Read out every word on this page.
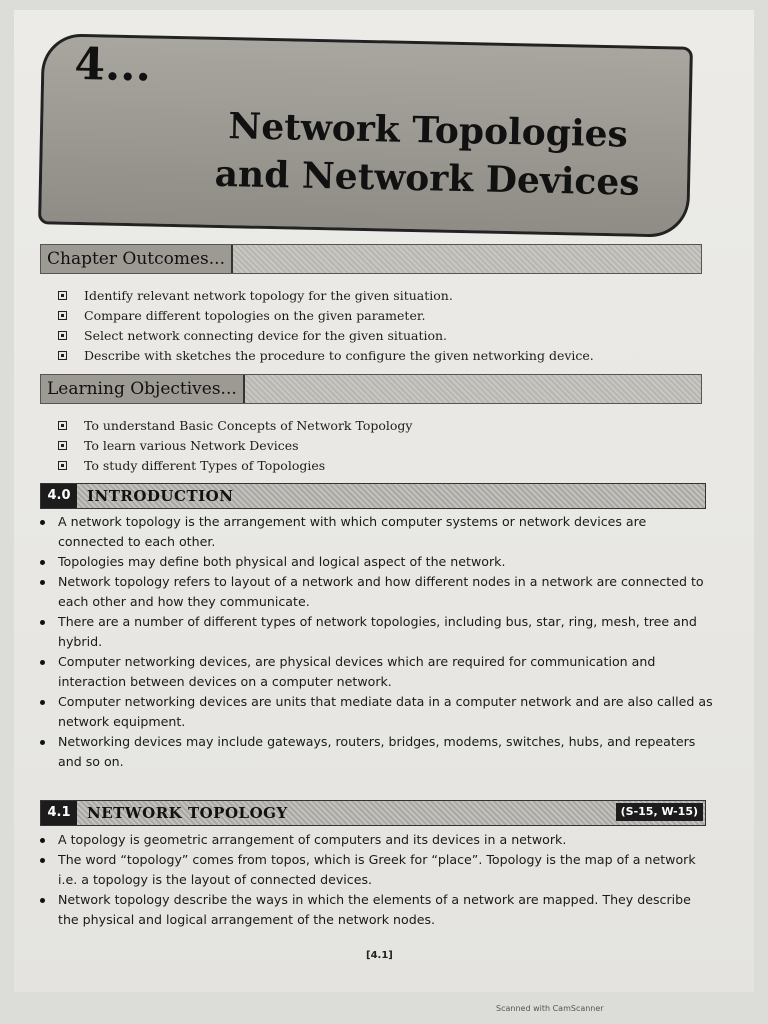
4...
Network Topologies
and Network Devices
Chapter Outcomes...
Identify relevant network topology for the given situation.
Compare different topologies on the given parameter.
Select network connecting device for the given situation.
Describe with sketches the procedure to configure the given networking device.
Learning Objectives...
To understand Basic Concepts of Network Topology
To learn various Network Devices
To study different Types of Topologies
4.0	INTRODUCTION
A network topology is the arrangement with which computer systems or network devices are connected to each other.
Topologies may define both physical and logical aspect of the network.
Network topology refers to layout of a network and how different nodes in a network are connected to each other and how they communicate.
There are a number of different types of network topologies, including bus, star, ring, mesh, tree and hybrid.
Computer networking devices, are physical devices which are required for communication and interaction between devices on a computer network.
Computer networking devices are units that mediate data in a computer network and are also called as network equipment.
Networking devices may include gateways, routers, bridges, modems, switches, hubs, and repeaters and so on.
4.1	NETWORK TOPOLOGY	(S-15, W-15)
A topology is geometric arrangement of computers and its devices in a network.
The word “topology” comes from topos, which is Greek for “place”. Topology is the map of a network i.e. a topology is the layout of connected devices.
Network topology describe the ways in which the elements of a network are mapped. They describe the physical and logical arrangement of the network nodes.
[4.1]
Scanned with CamScanner
